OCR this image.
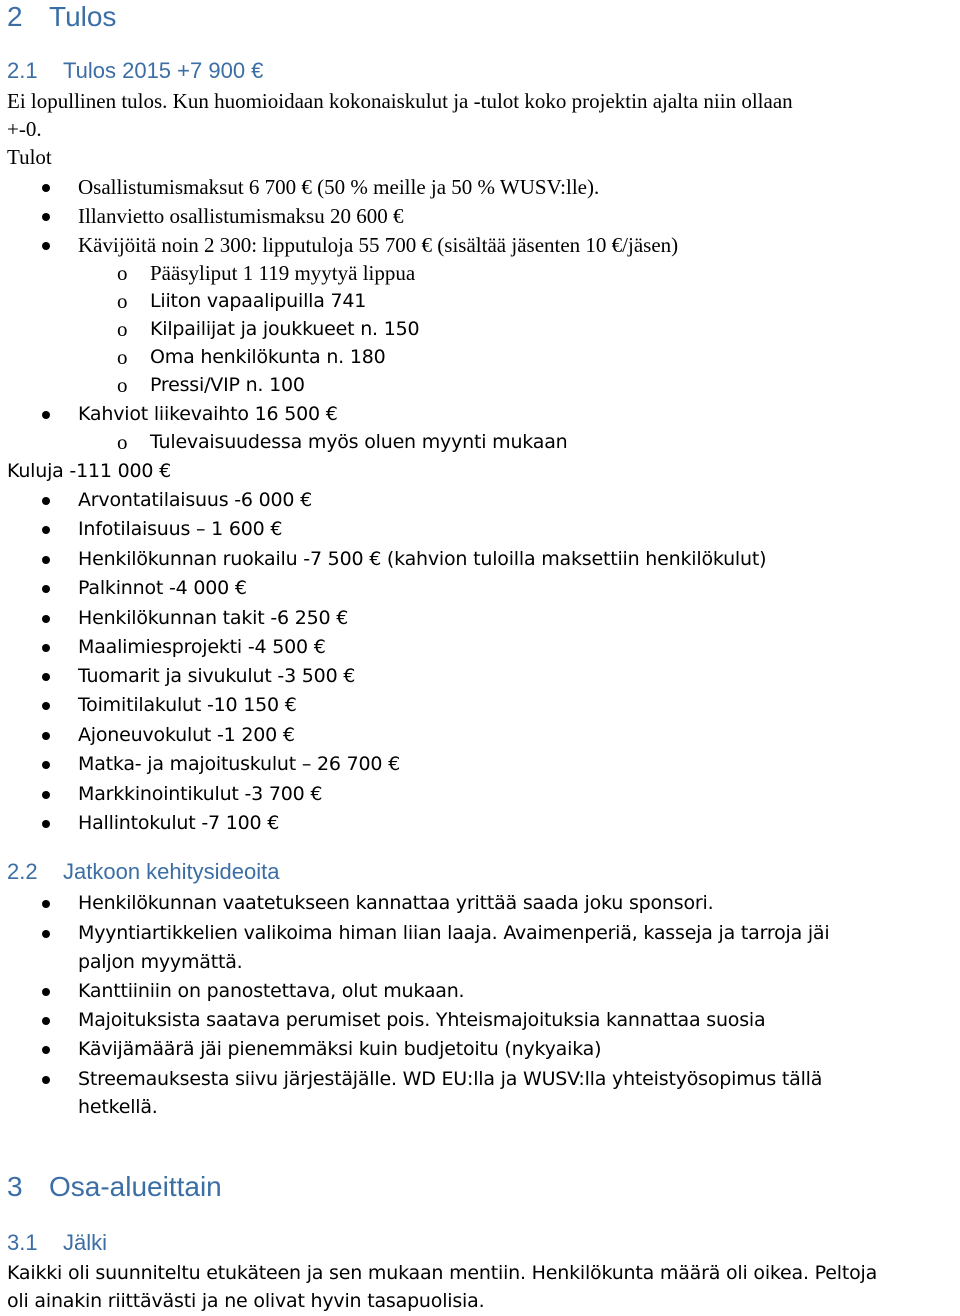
2 Tulos
2.1 Tulos 2015 +7 900 €
Ei lopullinen tulos. Kun huomioidaan kokonaiskulut ja -tulot koko projektin ajalta niin ollaan
+-0.
Tulot
Osallistumismaksut 6 700 € (50 % meille ja 50 % WUSV:lle).
Illanvietto osallistumismaksu 20 600 €
Kävijöitä noin 2 300: lipputuloja 55 700 € (sisältää jäsenten 10 €/jäsen)
o Pääsyliput 1 119 myytyä lippua
o Liiton vapaalipuilla 741
o Kilpailijat ja joukkueet n. 150
o Oma henkilökunta n. 180
o Pressi/VIP n. 100
Kahviot liikevaihto 16 500 €
o Tulevaisuudessa myös oluen myynti mukaan
Kuluja -111 000 €
Arvontatilaisuus -6 000 €
Infotilaisuus – 1 600 €
Henkilökunnan ruokailu -7 500 € (kahvion tuloilla maksettiin henkilökulut)
Palkinnot -4 000 €
Henkilökunnan takit -6 250 €
Maalimiesprojekti -4 500 €
Tuomarit ja sivukulut -3 500 €
Toimitilakulut -10 150 €
Ajoneuvokulut -1 200 €
Matka- ja majoituskulut – 26 700 €
Markkinointikulut -3 700 €
Hallintokulut -7 100 €
2.2 Jatkoon kehitysideoita
Henkilökunnan vaatetukseen kannattaa yrittää saada joku sponsori.
Myyntiartikkelien valikoima himan liian laaja. Avaimenperiä, kasseja ja tarroja jäi
paljon myymättä.
Kanttiiniin on panostettava, olut mukaan.
Majoituksista saatava perumiset pois. Yhteismajoituksia kannattaa suosia
Kävijämäärä jäi pienemmäksi kuin budjetoitu (nykyaika)
Streemauksesta siivu järjestäjälle. WD EU:lla ja WUSV:lla yhteistyösopimus tällä
hetkellä.
3 Osa-alueittain
3.1 Jälki
Kaikki oli suunniteltu etukäteen ja sen mukaan mentiin. Henkilökunta määrä oli oikea. Peltoja
oli ainakin riittävästi ja ne olivat hyvin tasapuolisia.
